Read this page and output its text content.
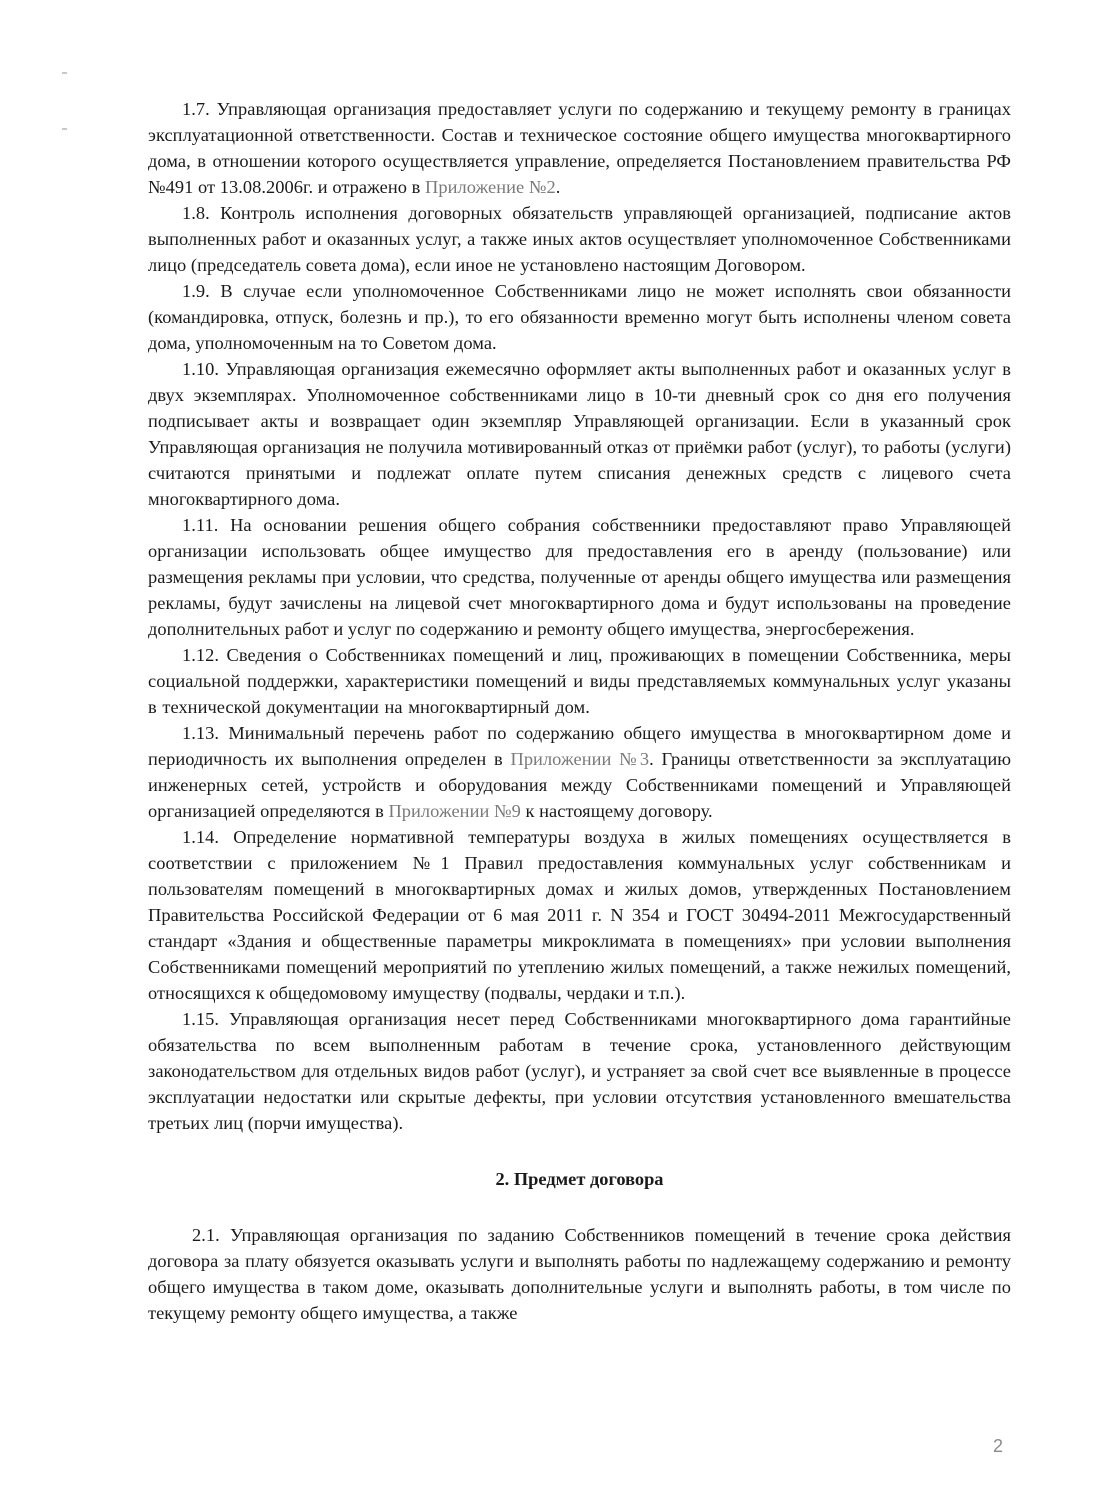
1.7. Управляющая организация предоставляет услуги по содержанию и текущему ремонту в границах эксплуатационной ответственности. Состав и техническое состояние общего имущества многоквартирного дома, в отношении которого осуществляется управление, определяется Постановлением правительства РФ №491 от 13.08.2006г. и отражено в Приложение №2.

1.8. Контроль исполнения договорных обязательств управляющей организацией, подписание актов выполненных работ и оказанных услуг, а также иных актов осуществляет уполномоченное Собственниками лицо (председатель совета дома), если иное не установлено настоящим Договором.

1.9. В случае если уполномоченное Собственниками лицо не может исполнять свои обязанности (командировка, отпуск, болезнь и пр.), то его обязанности временно могут быть исполнены членом совета дома, уполномоченным на то Советом дома.

1.10. Управляющая организация ежемесячно оформляет акты выполненных работ и оказанных услуг в двух экземплярах. Уполномоченное собственниками лицо в 10-ти дневный срок со дня его получения подписывает акты и возвращает один экземпляр Управляющей организации. Если в указанный срок Управляющая организация не получила мотивированный отказ от приёмки работ (услуг), то работы (услуги) считаются принятыми и подлежат оплате путем списания денежных средств с лицевого счета многоквартирного дома.

1.11. На основании решения общего собрания собственники предоставляют право Управляющей организации использовать общее имущество для предоставления его в аренду (пользование) или размещения рекламы при условии, что средства, полученные от аренды общего имущества или размещения рекламы, будут зачислены на лицевой счет многоквартирного дома и будут использованы на проведение дополнительных работ и услуг по содержанию и ремонту общего имущества, энергосбережения.

1.12. Сведения о Собственниках помещений и лиц, проживающих в помещении Собственника, меры социальной поддержки, характеристики помещений и виды представляемых коммунальных услуг указаны в технической документации на многоквартирный дом.

1.13. Минимальный перечень работ по содержанию общего имущества в многоквартирном доме и периодичность их выполнения определен в Приложении №3. Границы ответственности за эксплуатацию инженерных сетей, устройств и оборудования между Собственниками помещений и Управляющей организацией определяются в Приложении №9 к настоящему договору.

1.14. Определение нормативной температуры воздуха в жилых помещениях осуществляется в соответствии с приложением №1 Правил предоставления коммунальных услуг собственникам и пользователям помещений в многоквартирных домах и жилых домов, утвержденных Постановлением Правительства Российской Федерации от 6 мая 2011 г. N 354 и ГОСТ 30494-2011 Межгосударственный стандарт «Здания и общественные параметры микроклимата в помещениях» при условии выполнения Собственниками помещений мероприятий по утеплению жилых помещений, а также нежилых помещений, относящихся к общедомовому имуществу (подвалы, чердаки и т.п.).

1.15. Управляющая организация несет перед Собственниками многоквартирного дома гарантийные обязательства по всем выполненным работам в течение срока, установленного действующим законодательством для отдельных видов работ (услуг), и устраняет за свой счет все выявленные в процессе эксплуатации недостатки или скрытые дефекты, при условии отсутствия установленного вмешательства третьих лиц (порчи имущества).

2. Предмет договора

2.1. Управляющая организация по заданию Собственников помещений в течение срока действия договора за плату обязуется оказывать услуги и выполнять работы по надлежащему содержанию и ремонту общего имущества в таком доме, оказывать дополнительные услуги и выполнять работы, в том числе по текущему ремонту общего имущества, а также

2
